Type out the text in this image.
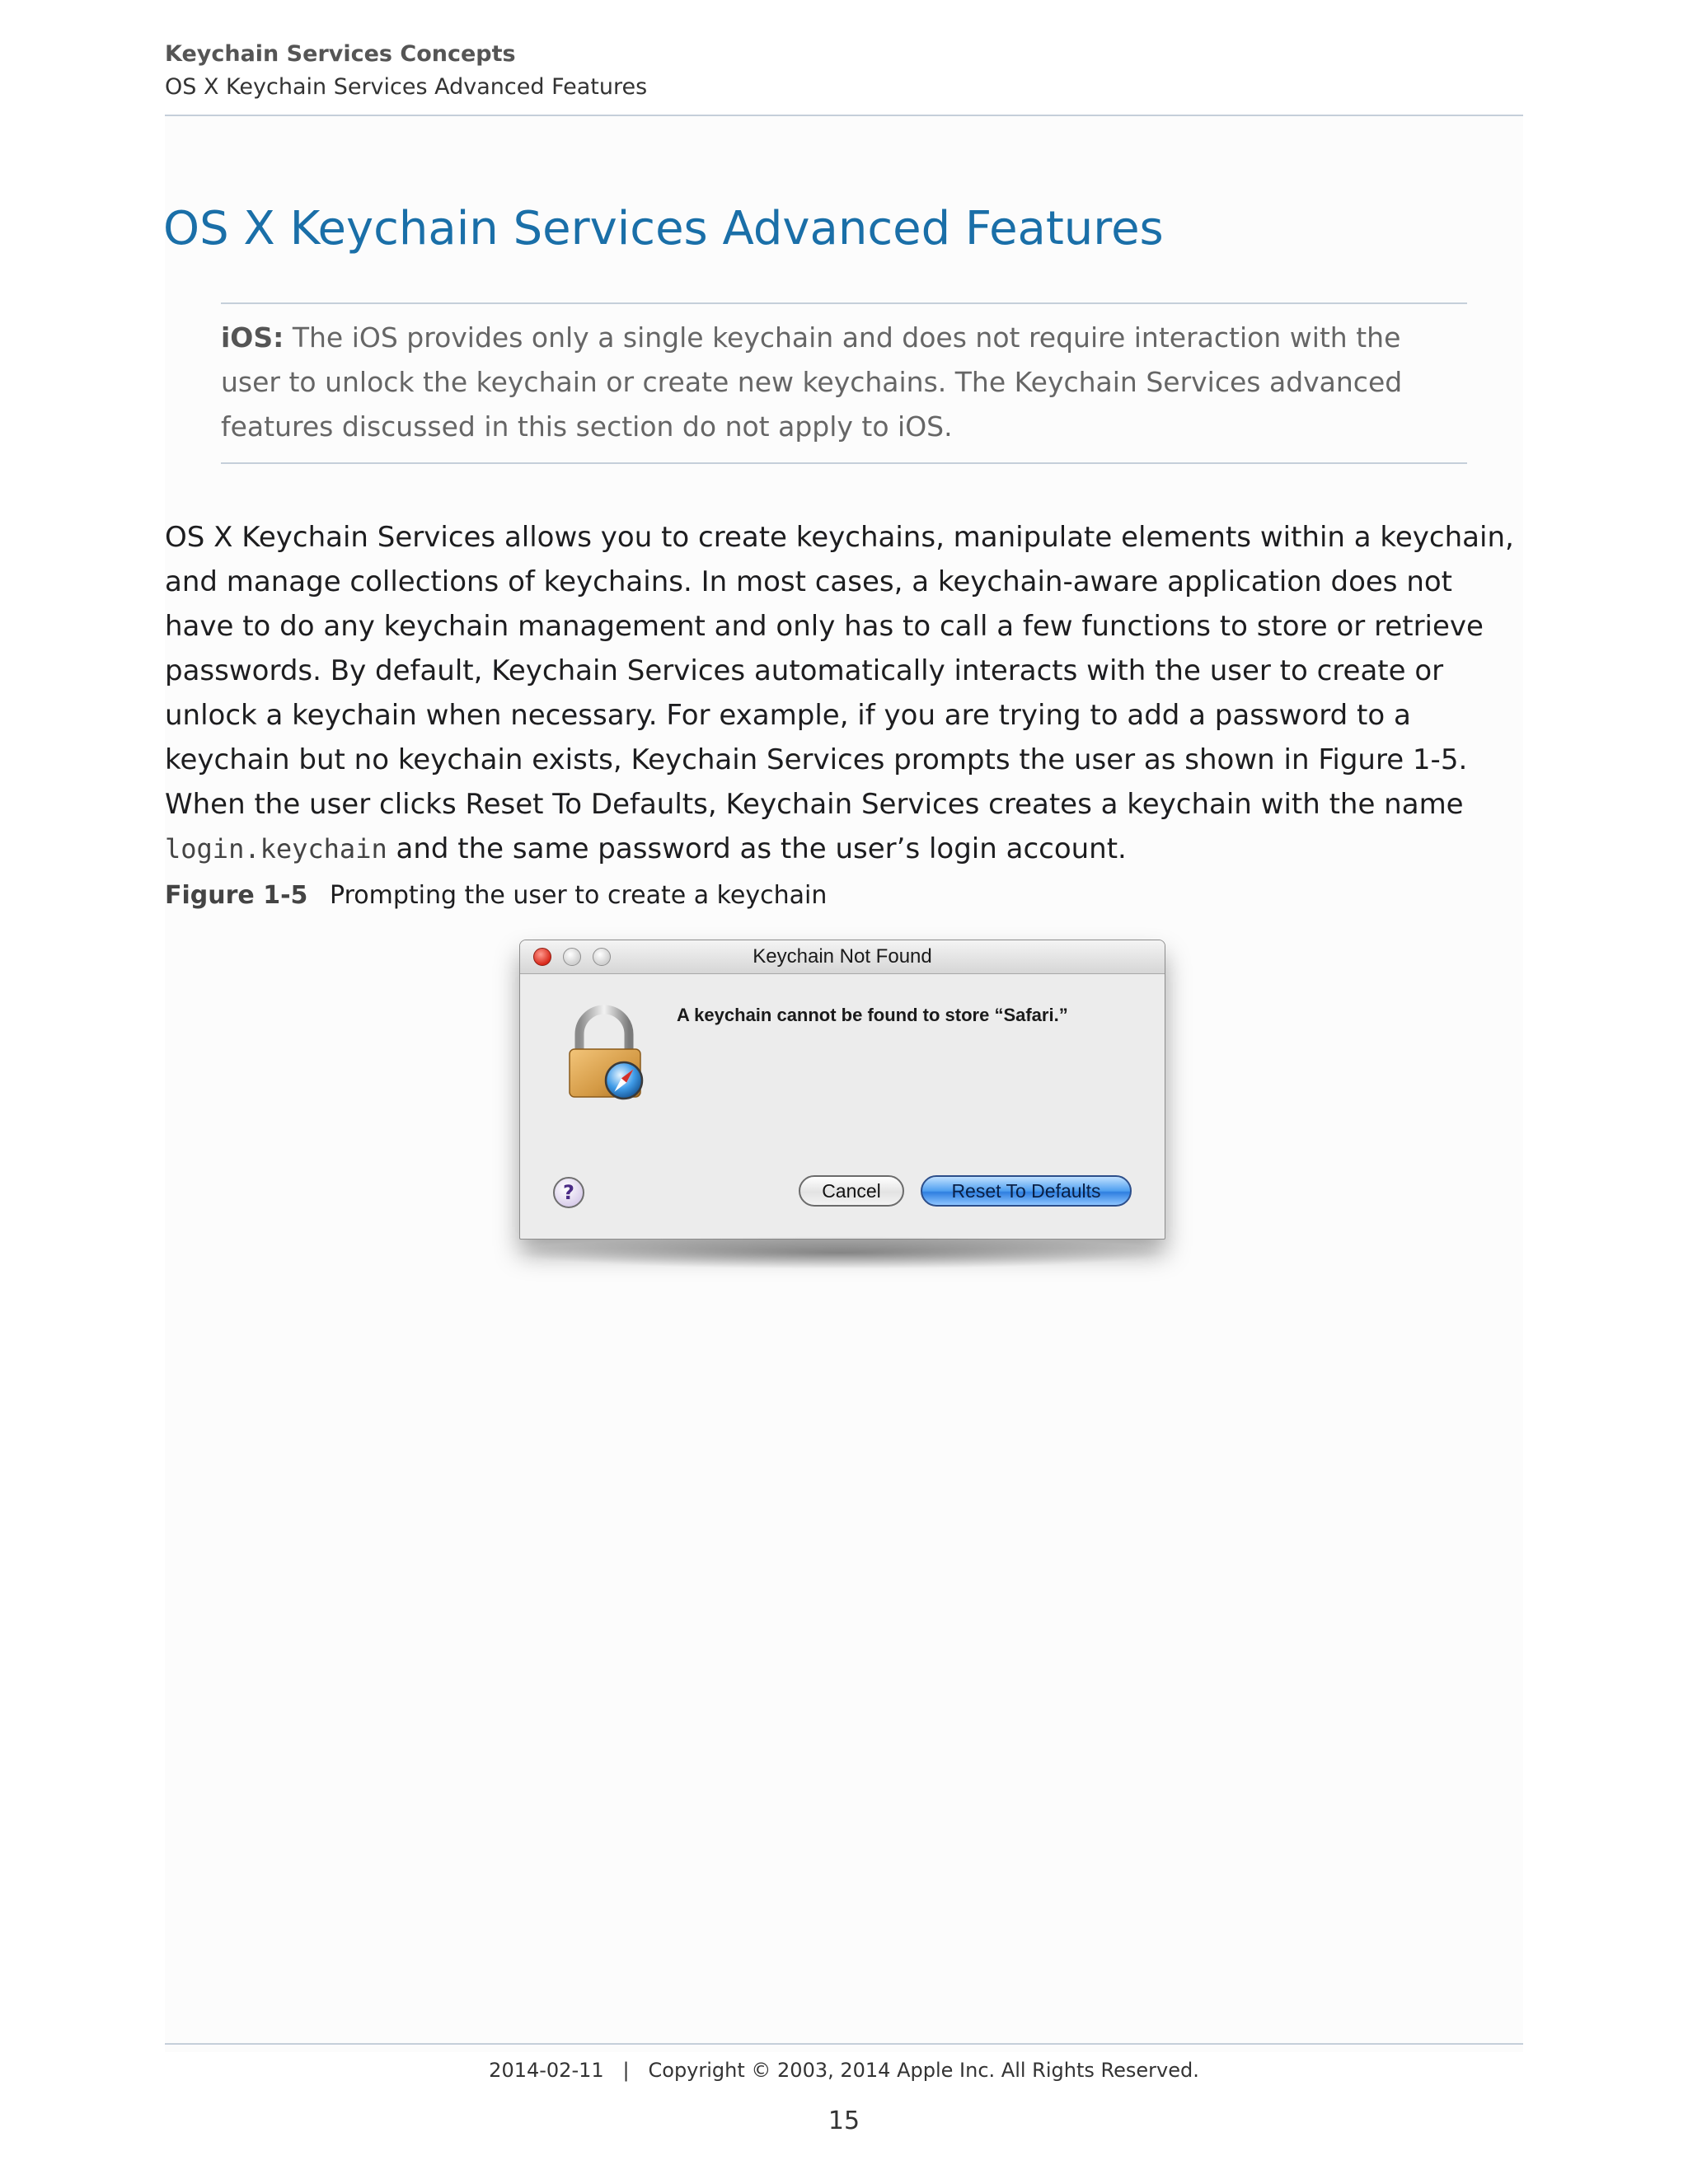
Keychain Services Concepts
OS X Keychain Services Advanced Features
OS X Keychain Services Advanced Features
iOS: The iOS provides only a single keychain and does not require interaction with the user to unlock the keychain or create new keychains. The Keychain Services advanced features discussed in this section do not apply to iOS.
OS X Keychain Services allows you to create keychains, manipulate elements within a keychain, and manage collections of keychains. In most cases, a keychain-aware application does not have to do any keychain management and only has to call a few functions to store or retrieve passwords. By default, Keychain Services automatically interacts with the user to create or unlock a keychain when necessary. For example, if you are trying to add a password to a keychain but no keychain exists, Keychain Services prompts the user as shown in Figure 1-5. When the user clicks Reset To Defaults, Keychain Services creates a keychain with the name login.keychain and the same password as the user’s login account.
Figure 1-5 Prompting the user to create a keychain
Keychain Not Found
A keychain cannot be found to store “Safari.”
?	Cancel	Reset To Defaults
2014-02-11   |   Copyright © 2003, 2014 Apple Inc. All Rights Reserved.
15
